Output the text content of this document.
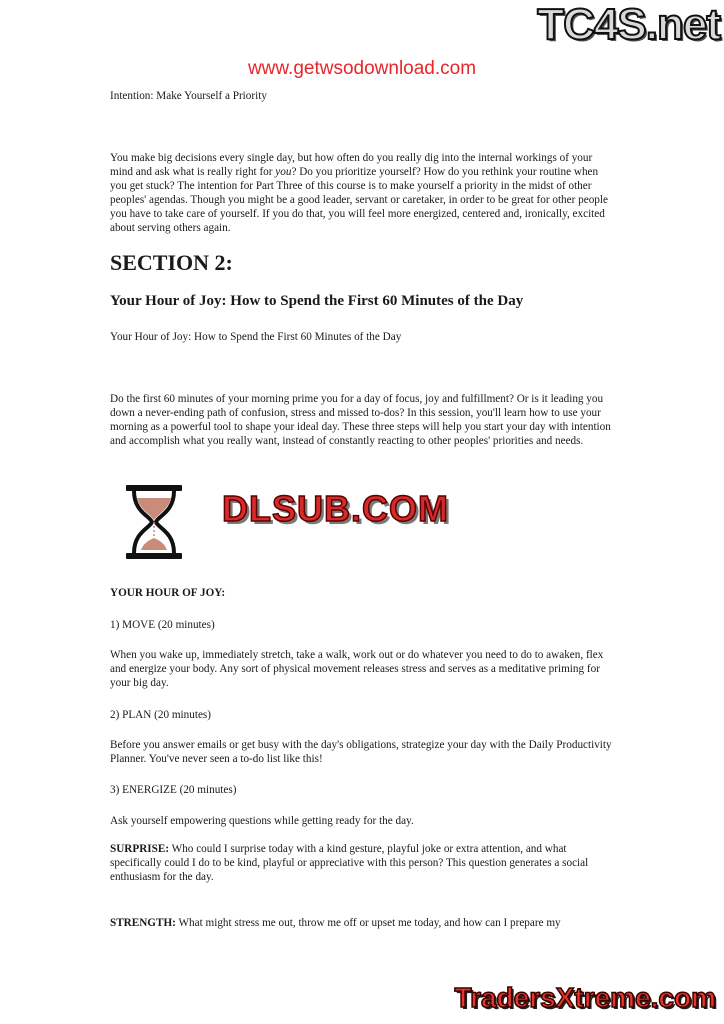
TC4S.net
www.getwsodownload.com
Intention: Make Yourself a Priority
You make big decisions every single day, but how often do you really dig into the internal workings of your mind and ask what is really right for you? Do you prioritize yourself? How do you rethink your routine when you get stuck? The intention for Part Three of this course is to make yourself a priority in the midst of other peoples' agendas. Though you might be a good leader, servant or caretaker, in order to be great for other people you have to take care of yourself. If you do that, you will feel more energized, centered and, ironically, excited about serving others again.
SECTION 2:
Your Hour of Joy: How to Spend the First 60 Minutes of the Day
Your Hour of Joy: How to Spend the First 60 Minutes of the Day
Do the first 60 minutes of your morning prime you for a day of focus, joy and fulfillment? Or is it leading you down a never-ending path of confusion, stress and missed to-dos? In this session, you'll learn how to use your morning as a powerful tool to shape your ideal day. These three steps will help you start your day with intention and accomplish what you really want, instead of constantly reacting to other peoples' priorities and needs.
DLSUB.COM
YOUR HOUR OF JOY:
1) MOVE (20 minutes)
When you wake up, immediately stretch, take a walk, work out or do whatever you need to do to awaken, flex and energize your body. Any sort of physical movement releases stress and serves as a meditative priming for your big day.
2) PLAN (20 minutes)
Before you answer emails or get busy with the day's obligations, strategize your day with the Daily Productivity Planner. You've never seen a to-do list like this!
3) ENERGIZE (20 minutes)
Ask yourself empowering questions while getting ready for the day.
SURPRISE: Who could I surprise today with a kind gesture, playful joke or extra attention, and what specifically could I do to be kind, playful or appreciative with this person? This question generates a social enthusiasm for the day.
STRENGTH: What might stress me out, throw me off or upset me today, and how can I prepare my
TradersXtreme.com
